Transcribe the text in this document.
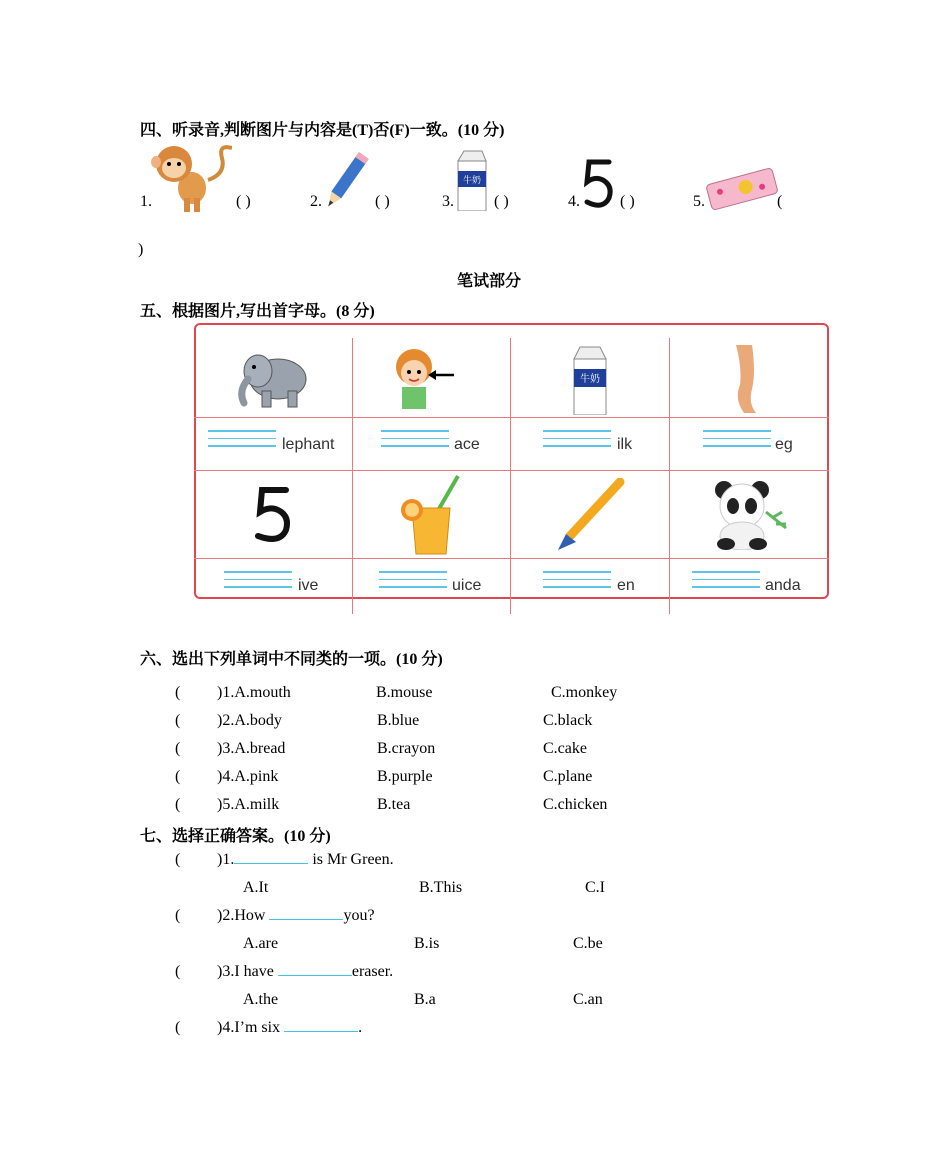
四、听录音,判断图片与内容是(T)否(F)一致。(10 分)
1.	( )	2.	( )
牛奶
3.	( )	4.	( )	5.	(
)
笔试部分
五、根据图片,写出首字母。(8 分)
牛奶
lephant	ace	ilk	eg
ive	uice	en	anda
六、选出下列单词中不同类的一项。(10 分)
( )1.A.mouth	B.mouse	C.monkey
( )2.A.body	B.blue	C.black
( )3.A.bread	B.crayon	C.cake
( )4.A.pink	B.purple	C.plane
( )5.A.milk	B.tea	C.chicken
七、选择正确答案。(10 分)
( )1.	is Mr Green.
A.It	B.This	C.I
( )2.How	you?
A.are	B.is	C.be
( )3.I have	eraser.
A.the	B.a	C.an
( )4.I’m six	.
